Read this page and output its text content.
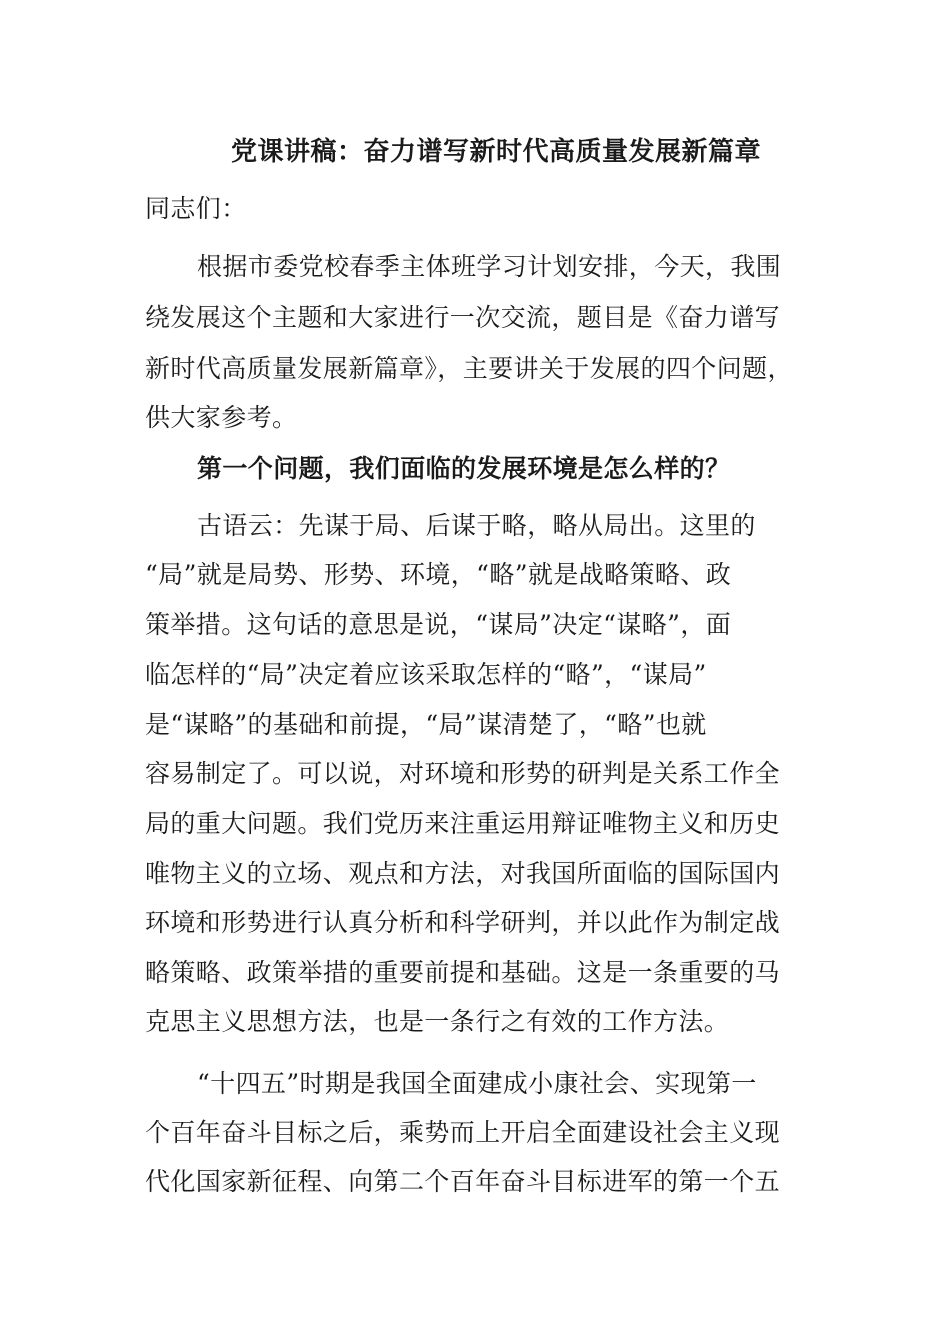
党课讲稿：奋力谱写新时代高质量发展新篇章
同志们：
根据市委党校春季主体班学习计划安排，今天，我围
绕发展这个主题和大家进行一次交流，题目是《奋力谱写
新时代高质量发展新篇章》，主要讲关于发展的四个问题，
供大家参考。
第一个问题，我们面临的发展环境是怎么样的？
古语云：先谋于局、后谋于略，略从局出。这里的
“局”就是局势、形势、环境，“略”就是战略策略、政
策举措。这句话的意思是说，“谋局”决定“谋略”，面
临怎样的“局”决定着应该采取怎样的“略”，“谋局”
是“谋略”的基础和前提，“局”谋清楚了，“略”也就
容易制定了。可以说，对环境和形势的研判是关系工作全
局的重大问题。我们党历来注重运用辩证唯物主义和历史
唯物主义的立场、观点和方法，对我国所面临的国际国内
环境和形势进行认真分析和科学研判，并以此作为制定战
略策略、政策举措的重要前提和基础。这是一条重要的马
克思主义思想方法，也是一条行之有效的工作方法。
“十四五”时期是我国全面建成小康社会、实现第一
个百年奋斗目标之后，乘势而上开启全面建设社会主义现
代化国家新征程、向第二个百年奋斗目标进军的第一个五
